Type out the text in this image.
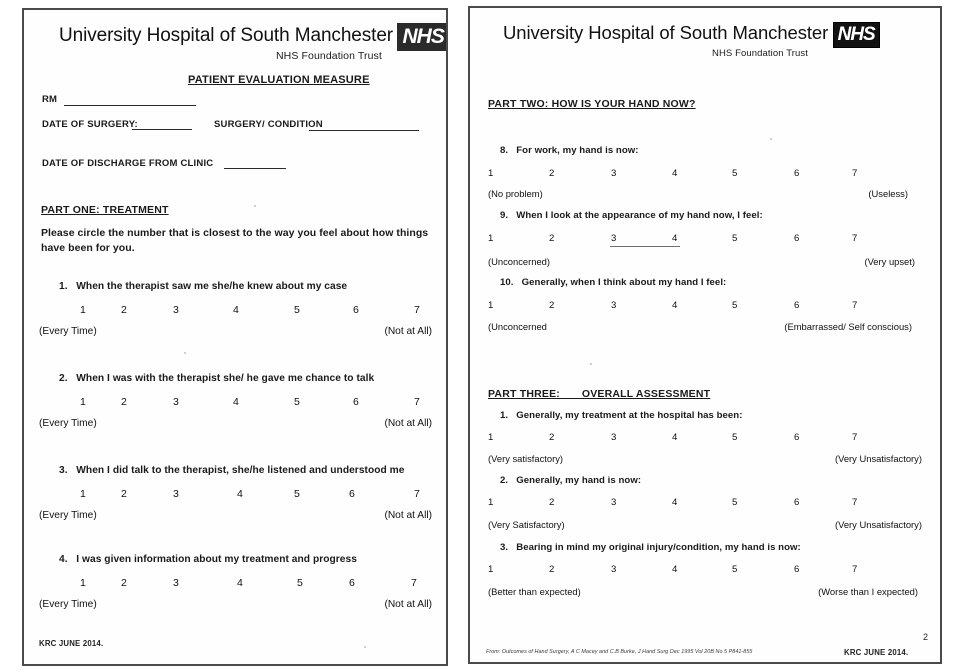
University Hospital of South Manchester NHS
NHS Foundation Trust
PATIENT EVALUATION MEASURE
RM
DATE OF SURGERY:	SURGERY/ CONDITION
DATE OF DISCHARGE FROM CLINIC
PART ONE: TREATMENT
Please circle the number that is closest to the way you feel about how things have been for you.
1.   When the therapist saw me she/he knew about my case
1	2	3	4	5	6	7
(Every Time)	(Not at All)
2.   When I was with the therapist she/ he gave me chance to talk
1	2	3	4	5	6	7
(Every Time)	(Not at All)
3.   When I did talk to the therapist, she/he listened and understood me
1	2	3	4	5	6	7
(Every Time)	(Not at All)
4.   I was given information about my treatment and progress
1	2	3	4	5	6	7
(Every Time)	(Not at All)
KRC JUNE 2014.
University Hospital of South Manchester NHS
NHS Foundation Trust
PART TWO: HOW IS YOUR HAND NOW?
8.   For work, my hand is now:
1	2	3	4	5	6	7
(No problem)	(Useless)
9.   When I look at the appearance of my hand now, I feel:
1	2	3	4	5	6	7
(Unconcerned)	(Very upset)
10.   Generally, when I think about my hand I feel:
1	2	3	4	5	6	7
(Unconcerned	(Embarrassed/ Self conscious)
PART THREE:       OVERALL ASSESSMENT
1.   Generally, my treatment at the hospital has been:
1	2	3	4	5	6	7
(Very satisfactory)	(Very Unsatisfactory)
2.   Generally, my hand is now:
1	2	3	4	5	6	7
(Very Satisfactory)	(Very Unsatisfactory)
3.   Bearing in mind my original injury/condition, my hand is now:
1	2	3	4	5	6	7
(Better than expected)	(Worse than I expected)
From: Outcomes of Hand Surgery, A C Macey and C.B Burke, J Hand Surg Dec 1995 Vol 20B No 5 P841-855	KRC JUNE 2014.
2
